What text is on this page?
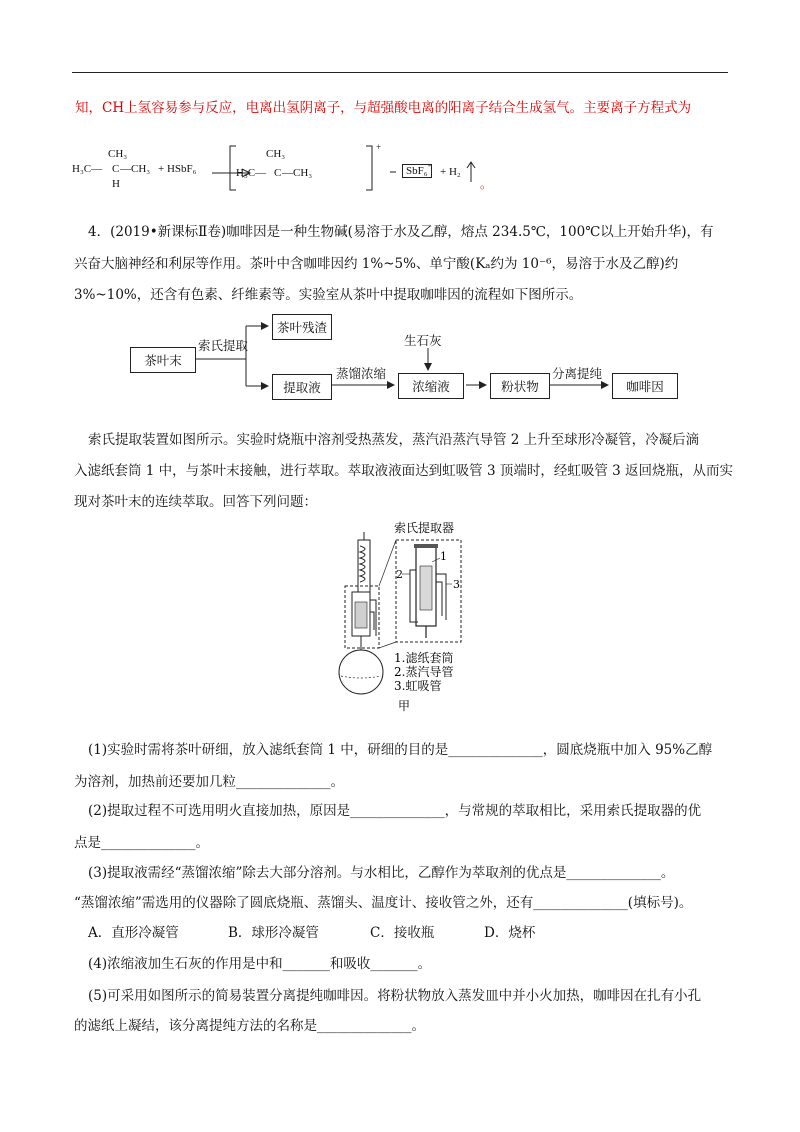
知，CH上氢容易参与反应，电离出氢阴离子，与超强酸电离的阳离子结合生成氢气。主要离子方程式为
CH₃
H₃C— C —CH₃
H
+ HSbF₆ →
CH₃
H₃C— C —CH₃
+
SbF₆ -
+ H₂
。
4．(2019•新课标Ⅱ卷)咖啡因是一种生物碱(易溶于水及乙醇，熔点 234.5℃，100℃以上开始升华)，有
兴奋大脑神经和利尿等作用。茶叶中含咖啡因约 1%~5%、单宁酸(Kₐ约为 10⁻⁶，易溶于水及乙醇)约
3%~10%，还含有色素、纤维素等。实验室从茶叶中提取咖啡因的流程如下图所示。
茶叶末
索氏提取
茶叶残渣
提取液
蒸馏浓缩
生石灰
浓缩液	粉状物
分离提纯
咖啡因
索氏提取装置如图所示。实验时烧瓶中溶剂受热蒸发，蒸汽沿蒸汽导管 2 上升至球形冷凝管，冷凝后滴
入滤纸套筒 1 中，与茶叶末接触，进行萃取。萃取液液面达到虹吸管 3 顶端时，经虹吸管 3 返回烧瓶，从而实
现对茶叶末的连续萃取。回答下列问题：
索氏提取器
1
2
3
1.滤纸套筒
2.蒸汽导管
3.虹吸管
甲
(1)实验时需将茶叶研细，放入滤纸套筒 1 中，研细的目的是______________，圆底烧瓶中加入 95%乙醇
为溶剂，加热前还要加几粒______________。
(2)提取过程不可选用明火直接加热，原因是______________，与常规的萃取相比，采用索氏提取器的优
点是______________。
(3)提取液需经“蒸馏浓缩”除去大部分溶剂。与水相比，乙醇作为萃取剂的优点是______________。
“蒸馏浓缩”需选用的仪器除了圆底烧瓶、蒸馏头、温度计、接收管之外，还有______________(填标号)。
A．直形冷凝管	B．球形冷凝管	C．接收瓶	D．烧杯
(4)浓缩液加生石灰的作用是中和_______和吸收_______。
(5)可采用如图所示的简易装置分离提纯咖啡因。将粉状物放入蒸发皿中并小火加热，咖啡因在扎有小孔
的滤纸上凝结，该分离提纯方法的名称是______________。
